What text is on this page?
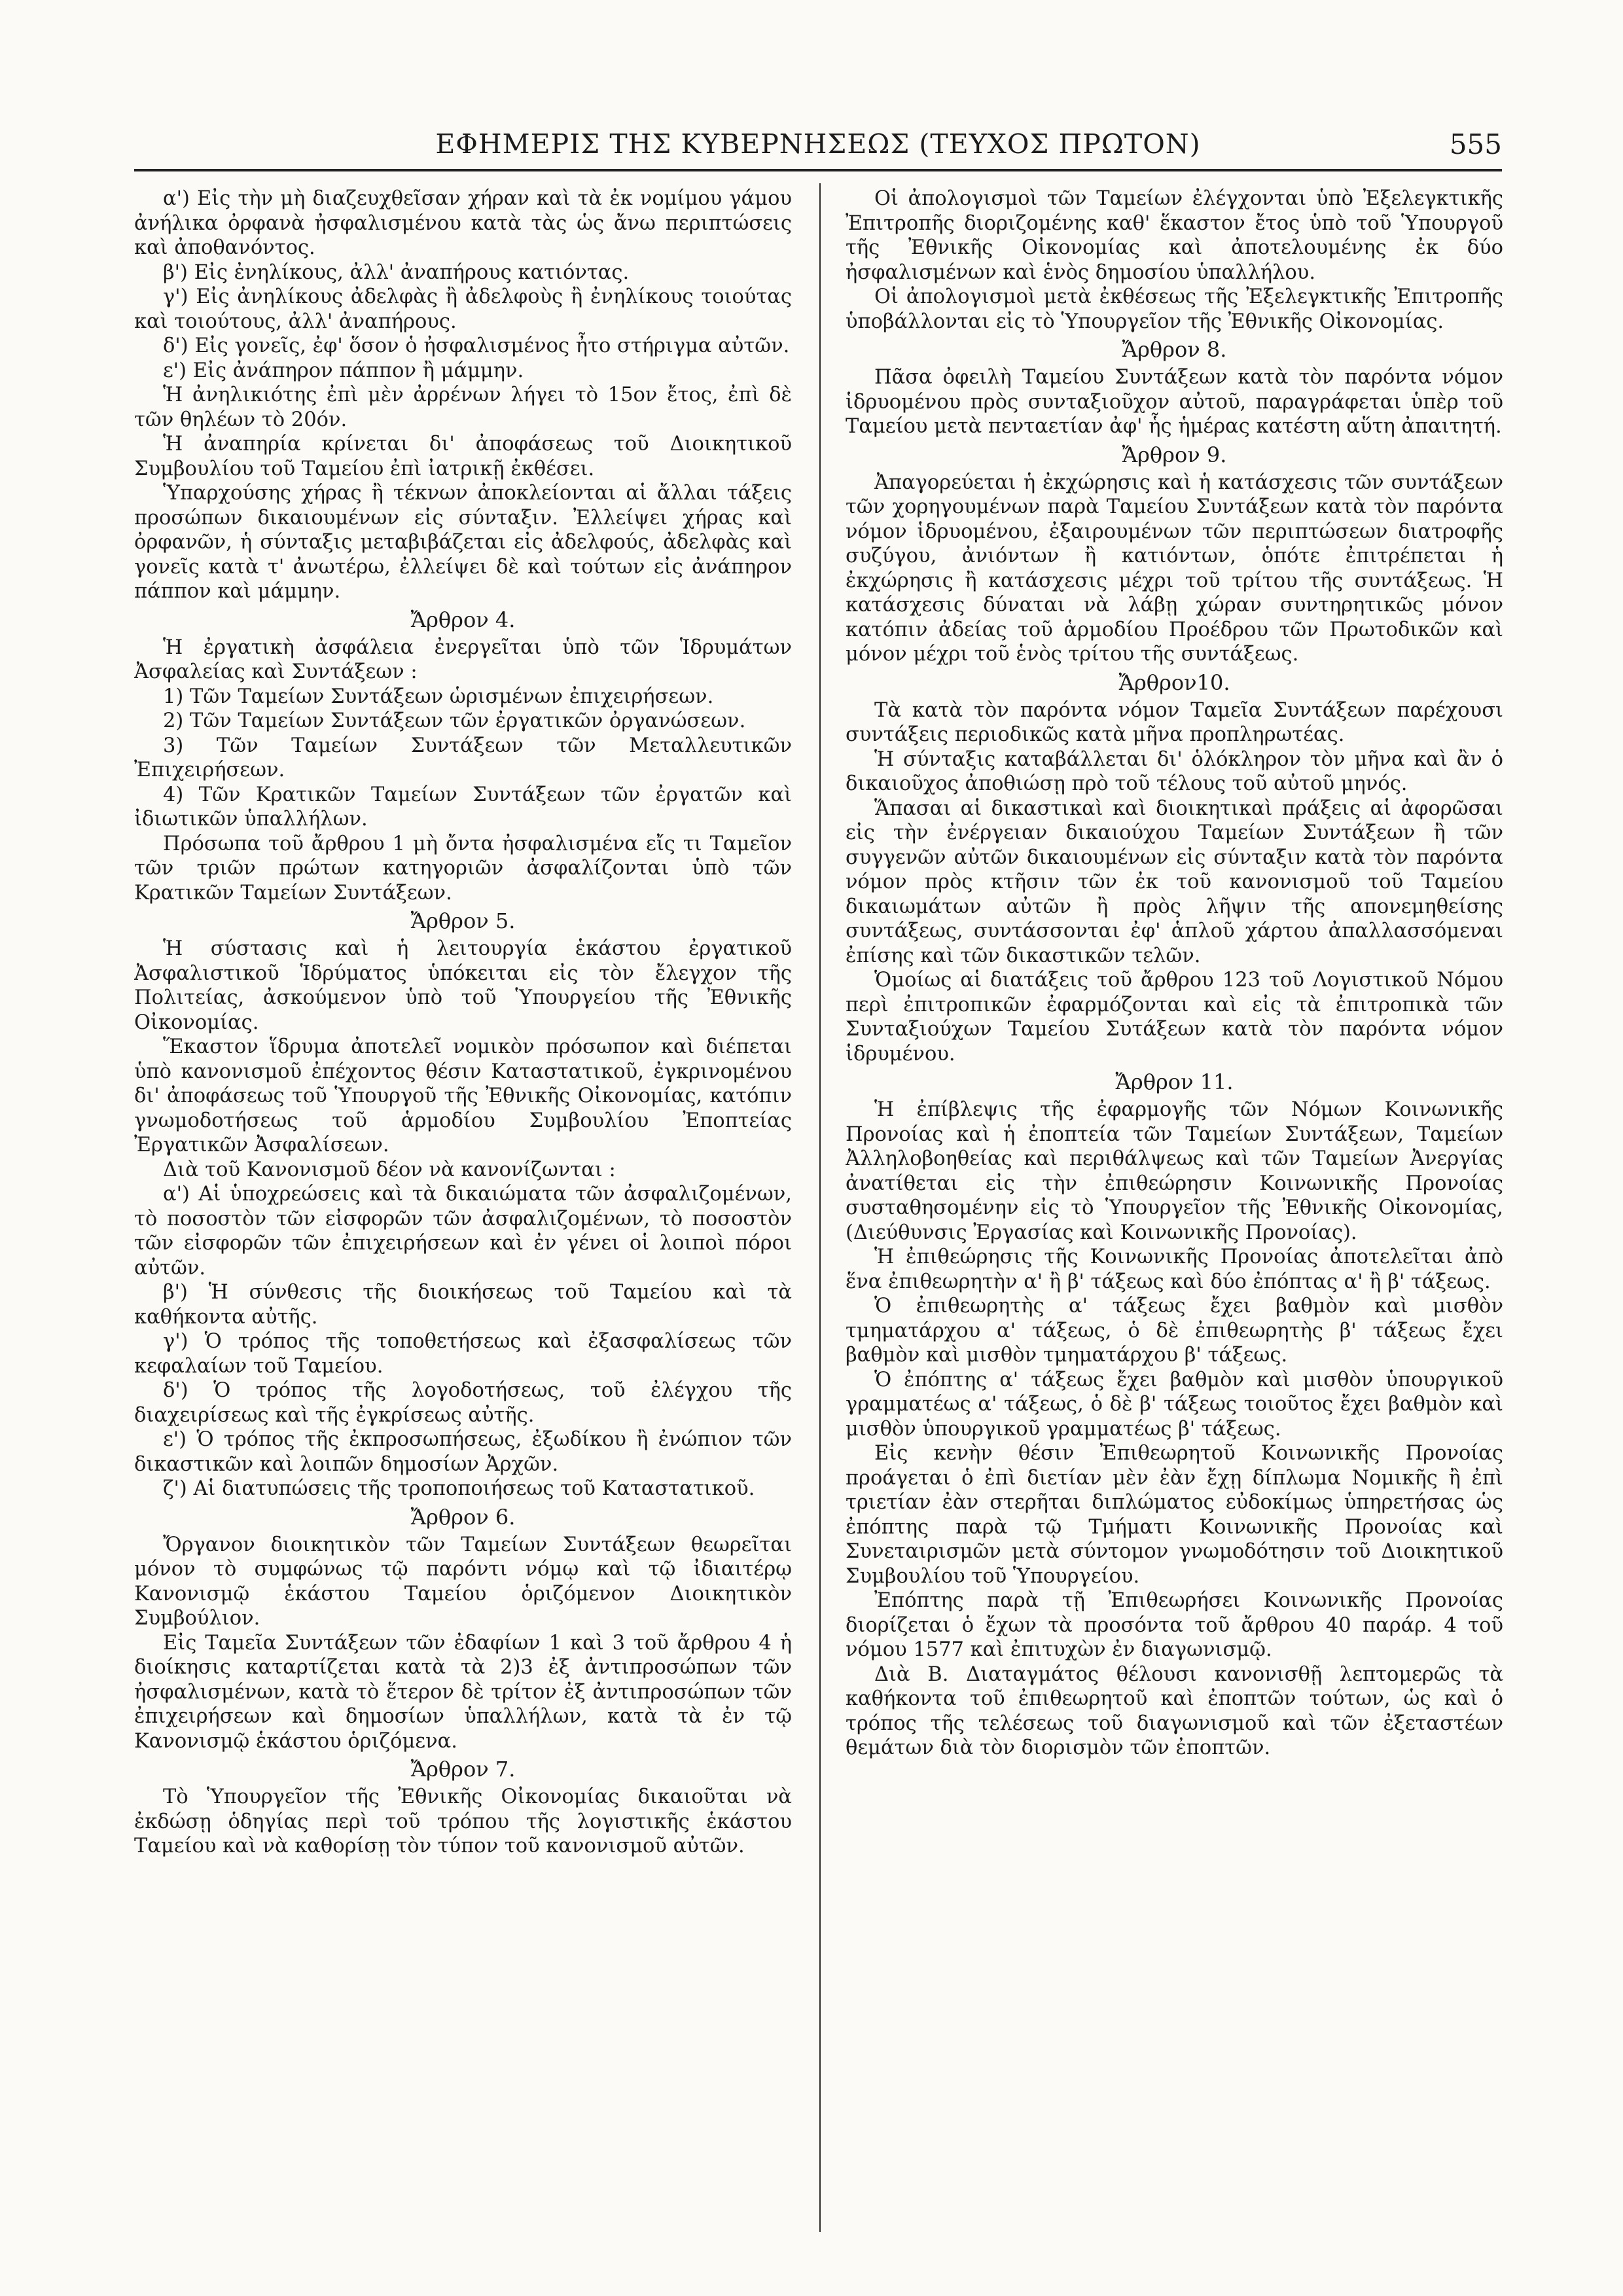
ΕΦΗΜΕΡΙΣ ΤΗΣ ΚΥΒΕΡΝΗΣΕΩΣ (ΤΕΥΧΟΣ ΠΡΩΤΟΝ)	555

α') Εἰς τὴν μὴ διαζευχθεῖσαν χήραν καὶ τὰ ἐκ νομίμου γάμου ἀνήλικα ὀρφανὰ ἠσφαλισμένου κατὰ τὰς ὡς ἄνω περιπτώσεις καὶ ἀποθανόντος.

β') Εἰς ἐνηλίκους, ἀλλ' ἀναπήρους κατιόντας.

γ') Εἰς ἀνηλίκους ἀδελφὰς ἢ ἀδελφοὺς ἢ ἐνηλίκους τοιούτας καὶ τοιούτους, ἀλλ' ἀναπήρους.

δ') Εἰς γονεῖς, ἐφ' ὅσον ὁ ἠσφαλισμένος ἦτο στήριγμα αὐτῶν.

ε') Εἰς ἀνάπηρον πάππον ἢ μάμμην.

Ἡ ἀνηλικιότης ἐπὶ μὲν ἀρρένων λήγει τὸ 15ον ἔτος, ἐπὶ δὲ τῶν θηλέων τὸ 20όν.

Ἡ ἀναπηρία κρίνεται δι' ἀποφάσεως τοῦ Διοικητικοῦ Συμβουλίου τοῦ Ταμείου ἐπὶ ἰατρικῇ ἐκθέσει.

Ὑπαρχούσης χήρας ἢ τέκνων ἀποκλείονται αἱ ἄλλαι τάξεις προσώπων δικαιουμένων εἰς σύνταξιν. Ἐλλείψει χήρας καὶ ὀρφανῶν, ἡ σύνταξις μεταβιβάζεται εἰς ἀδελφούς, ἀδελφὰς καὶ γονεῖς κατὰ τ' ἀνωτέρω, ἐλλείψει δὲ καὶ τούτων εἰς ἀνάπηρον πάππον καὶ μάμμην.

Ἄρθρον 4.

Ἡ ἐργατικὴ ἀσφάλεια ἐνεργεῖται ὑπὸ τῶν Ἱδρυμάτων Ἀσφαλείας καὶ Συντάξεων :

1) Τῶν Ταμείων Συντάξεων ὡρισμένων ἐπιχειρήσεων.

2) Τῶν Ταμείων Συντάξεων τῶν ἐργατικῶν ὀργανώσεων.

3) Τῶν Ταμείων Συντάξεων τῶν Μεταλλευτικῶν Ἐπιχειρήσεων.

4) Τῶν Κρατικῶν Ταμείων Συντάξεων τῶν ἐργατῶν καὶ ἰδιωτικῶν ὑπαλλήλων.

Πρόσωπα τοῦ ἄρθρου 1 μὴ ὄντα ἠσφαλισμένα εἴς τι Ταμεῖον τῶν τριῶν πρώτων κατηγοριῶν ἀσφαλίζονται ὑπὸ τῶν Κρατικῶν Ταμείων Συντάξεων.

Ἄρθρον 5.

Ἡ σύστασις καὶ ἡ λειτουργία ἑκάστου ἐργατικοῦ Ἀσφαλιστικοῦ Ἱδρύματος ὑπόκειται εἰς τὸν ἔλεγχον τῆς Πολιτείας, ἀσκούμενον ὑπὸ τοῦ Ὑπουργείου τῆς Ἐθνικῆς Οἰκονομίας.

Ἕκαστον ἵδρυμα ἀποτελεῖ νομικὸν πρόσωπον καὶ διέπεται ὑπὸ κανονισμοῦ ἐπέχοντος θέσιν Καταστατικοῦ, ἐγκρινομένου δι' ἀποφάσεως τοῦ Ὑπουργοῦ τῆς Ἐθνικῆς Οἰκονομίας, κατόπιν γνωμοδοτήσεως τοῦ ἁρμοδίου Συμβουλίου Ἐποπτείας Ἐργατικῶν Ἀσφαλίσεων.

Διὰ τοῦ Κανονισμοῦ δέον νὰ κανονίζωνται :

α') Αἱ ὑποχρεώσεις καὶ τὰ δικαιώματα τῶν ἀσφαλιζομένων, τὸ ποσοστὸν τῶν εἰσφορῶν τῶν ἀσφαλιζομένων, τὸ ποσοστὸν τῶν εἰσφορῶν τῶν ἐπιχειρήσεων καὶ ἐν γένει οἱ λοιποὶ πόροι αὐτῶν.

β') Ἡ σύνθεσις τῆς διοικήσεως τοῦ Ταμείου καὶ τὰ καθήκοντα αὐτῆς.

γ') Ὁ τρόπος τῆς τοποθετήσεως καὶ ἐξασφαλίσεως τῶν κεφαλαίων τοῦ Ταμείου.

δ') Ὁ τρόπος τῆς λογοδοτήσεως, τοῦ ἐλέγχου τῆς διαχειρίσεως καὶ τῆς ἐγκρίσεως αὐτῆς.

ε') Ὁ τρόπος τῆς ἐκπροσωπήσεως, ἐξωδίκου ἢ ἐνώπιον τῶν δικαστικῶν καὶ λοιπῶν δημοσίων Ἀρχῶν.

ζ') Αἱ διατυπώσεις τῆς τροποποιήσεως τοῦ Καταστατικοῦ.

Ἄρθρον 6.

Ὄργανον διοικητικὸν τῶν Ταμείων Συντάξεων θεωρεῖται μόνον τὸ συμφώνως τῷ παρόντι νόμῳ καὶ τῷ ἰδιαιτέρῳ Κανονισμῷ ἑκάστου Ταμείου ὁριζόμενον Διοικητικὸν Συμβούλιον.

Εἰς Ταμεῖα Συντάξεων τῶν ἐδαφίων 1 καὶ 3 τοῦ ἄρθρου 4 ἡ διοίκησις καταρτίζεται κατὰ τὰ 2)3 ἐξ ἀντιπροσώπων τῶν ἠσφαλισμένων, κατὰ τὸ ἕτερον δὲ τρίτον ἐξ ἀντιπροσώπων τῶν ἐπιχειρήσεων καὶ δημοσίων ὑπαλλήλων, κατὰ τὰ ἐν τῷ Κανονισμῷ ἑκάστου ὁριζόμενα.

Ἄρθρον 7.

Τὸ Ὑπουργεῖον τῆς Ἐθνικῆς Οἰκονομίας δικαιοῦται νὰ ἐκδώσῃ ὁδηγίας περὶ τοῦ τρόπου τῆς λογιστικῆς ἑκάστου Ταμείου καὶ νὰ καθορίσῃ τὸν τύπον τοῦ κανονισμοῦ αὐτῶν.

Οἱ ἀπολογισμοὶ τῶν Ταμείων ἐλέγχονται ὑπὸ Ἐξελεγκτικῆς Ἐπιτροπῆς διοριζομένης καθ' ἕκαστον ἔτος ὑπὸ τοῦ Ὑπουργοῦ τῆς Ἐθνικῆς Οἰκονομίας καὶ ἀποτελουμένης ἐκ δύο ἠσφαλισμένων καὶ ἑνὸς δημοσίου ὑπαλλήλου.

Οἱ ἀπολογισμοὶ μετὰ ἐκθέσεως τῆς Ἐξελεγκτικῆς Ἐπιτροπῆς ὑποβάλλονται εἰς τὸ Ὑπουργεῖον τῆς Ἐθνικῆς Οἰκονομίας.

Ἄρθρον 8.

Πᾶσα ὀφειλὴ Ταμείου Συντάξεων κατὰ τὸν παρόντα νόμον ἱδρυομένου πρὸς συνταξιοῦχον αὐτοῦ, παραγράφεται ὑπὲρ τοῦ Ταμείου μετὰ πενταετίαν ἀφ' ἧς ἡμέρας κατέστη αὕτη ἀπαιτητή.

Ἄρθρον 9.

Ἀπαγορεύεται ἡ ἐκχώρησις καὶ ἡ κατάσχεσις τῶν συντάξεων τῶν χορηγουμένων παρὰ Ταμείου Συντάξεων κατὰ τὸν παρόντα νόμον ἱδρυομένου, ἐξαιρουμένων τῶν περιπτώσεων διατροφῆς συζύγου, ἀνιόντων ἢ κατιόντων, ὁπότε ἐπιτρέπεται ἡ ἐκχώρησις ἢ κατάσχεσις μέχρι τοῦ τρίτου τῆς συντάξεως. Ἡ κατάσχεσις δύναται νὰ λάβῃ χώραν συντηρητικῶς μόνον κατόπιν ἀδείας τοῦ ἁρμοδίου Προέδρου τῶν Πρωτοδικῶν καὶ μόνον μέχρι τοῦ ἑνὸς τρίτου τῆς συντάξεως.

Ἄρθρον10.

Τὰ κατὰ τὸν παρόντα νόμον Ταμεῖα Συντάξεων παρέχουσι συντάξεις περιοδικῶς κατὰ μῆνα προπληρωτέας.

Ἡ σύνταξις καταβάλλεται δι' ὁλόκληρον τὸν μῆνα καὶ ἂν ὁ δικαιοῦχος ἀποθιώσῃ πρὸ τοῦ τέλους τοῦ αὐτοῦ μηνός.

Ἅπασαι αἱ δικαστικαὶ καὶ διοικητικαὶ πράξεις αἱ ἀφορῶσαι εἰς τὴν ἐνέργειαν δικαιούχου Ταμείων Συντάξεων ἢ τῶν συγγενῶν αὐτῶν δικαιουμένων εἰς σύνταξιν κατὰ τὸν παρόντα νόμον πρὸς κτῆσιν τῶν ἐκ τοῦ κανονισμοῦ τοῦ Ταμείου δικαιωμάτων αὐτῶν ἢ πρὸς λῆψιν τῆς απονεμηθείσης συντάξεως, συντάσσονται ἐφ' ἁπλοῦ χάρτου ἀπαλλασσόμεναι ἐπίσης καὶ τῶν δικαστικῶν τελῶν.

Ὁμοίως αἱ διατάξεις τοῦ ἄρθρου 123 τοῦ Λογιστικοῦ Νόμου περὶ ἐπιτροπικῶν ἐφαρμόζονται καὶ εἰς τὰ ἐπιτροπικὰ τῶν Συνταξιούχων Ταμείου Συτάξεων κατὰ τὸν παρόντα νόμον ἱδρυμένου.

Ἄρθρον 11.

Ἡ ἐπίβλεψις τῆς ἐφαρμογῆς τῶν Νόμων Κοινωνικῆς Προνοίας καὶ ἡ ἐποπτεία τῶν Ταμείων Συντάξεων, Ταμείων Ἀλληλοβοηθείας καὶ περιθάλψεως καὶ τῶν Ταμείων Ἀνεργίας ἀνατίθεται εἰς τὴν ἐπιθεώρησιν Κοινωνικῆς Προνοίας συσταθησομένην εἰς τὸ Ὑπουργεῖον τῆς Ἐθνικῆς Οἰκονομίας, (Διεύθυνσις Ἐργασίας καὶ Κοινωνικῆς Προνοίας).

Ἡ ἐπιθεώρησις τῆς Κοινωνικῆς Προνοίας ἀποτελεῖται ἀπὸ ἕνα ἐπιθεωρητὴν α' ἢ β' τάξεως καὶ δύο ἐπόπτας α' ἢ β' τάξεως.

Ὁ ἐπιθεωρητὴς α' τάξεως ἔχει βαθμὸν καὶ μισθὸν τμηματάρχου α' τάξεως, ὁ δὲ ἐπιθεωρητὴς β' τάξεως ἔχει βαθμὸν καὶ μισθὸν τμηματάρχου β' τάξεως.

Ὁ ἐπόπτης α' τάξεως ἔχει βαθμὸν καὶ μισθὸν ὑπουργικοῦ γραμματέως α' τάξεως, ὁ δὲ β' τάξεως τοιοῦτος ἔχει βαθμὸν καὶ μισθὸν ὑπουργικοῦ γραμματέως β' τάξεως.

Εἰς κενὴν θέσιν Ἐπιθεωρητοῦ Κοινωνικῆς Προνοίας προάγεται ὁ ἐπὶ διετίαν μὲν ἐὰν ἔχῃ δίπλωμα Νομικῆς ἢ ἐπὶ τριετίαν ἐὰν στερῆται διπλώματος εὐδοκίμως ὑπηρετήσας ὡς ἐπόπτης παρὰ τῷ Τμήματι Κοινωνικῆς Προνοίας καὶ Συνεταιρισμῶν μετὰ σύντομον γνωμοδότησιν τοῦ Διοικητικοῦ Συμβουλίου τοῦ Ὑπουργείου.

Ἐπόπτης παρὰ τῇ Ἐπιθεωρήσει Κοινωνικῆς Προνοίας διορίζεται ὁ ἔχων τὰ προσόντα τοῦ ἄρθρου 40 παράρ. 4 τοῦ νόμου 1577 καὶ ἐπιτυχὼν ἐν διαγωνισμῷ.

Διὰ Β. Διαταγμάτος θέλουσι κανονισθῇ λεπτομερῶς τὰ καθήκοντα τοῦ ἐπιθεωρητοῦ καὶ ἐποπτῶν τούτων, ὡς καὶ ὁ τρόπος τῆς τελέσεως τοῦ διαγωνισμοῦ καὶ τῶν ἐξεταστέων θεμάτων διὰ τὸν διορισμὸν τῶν ἐποπτῶν.
